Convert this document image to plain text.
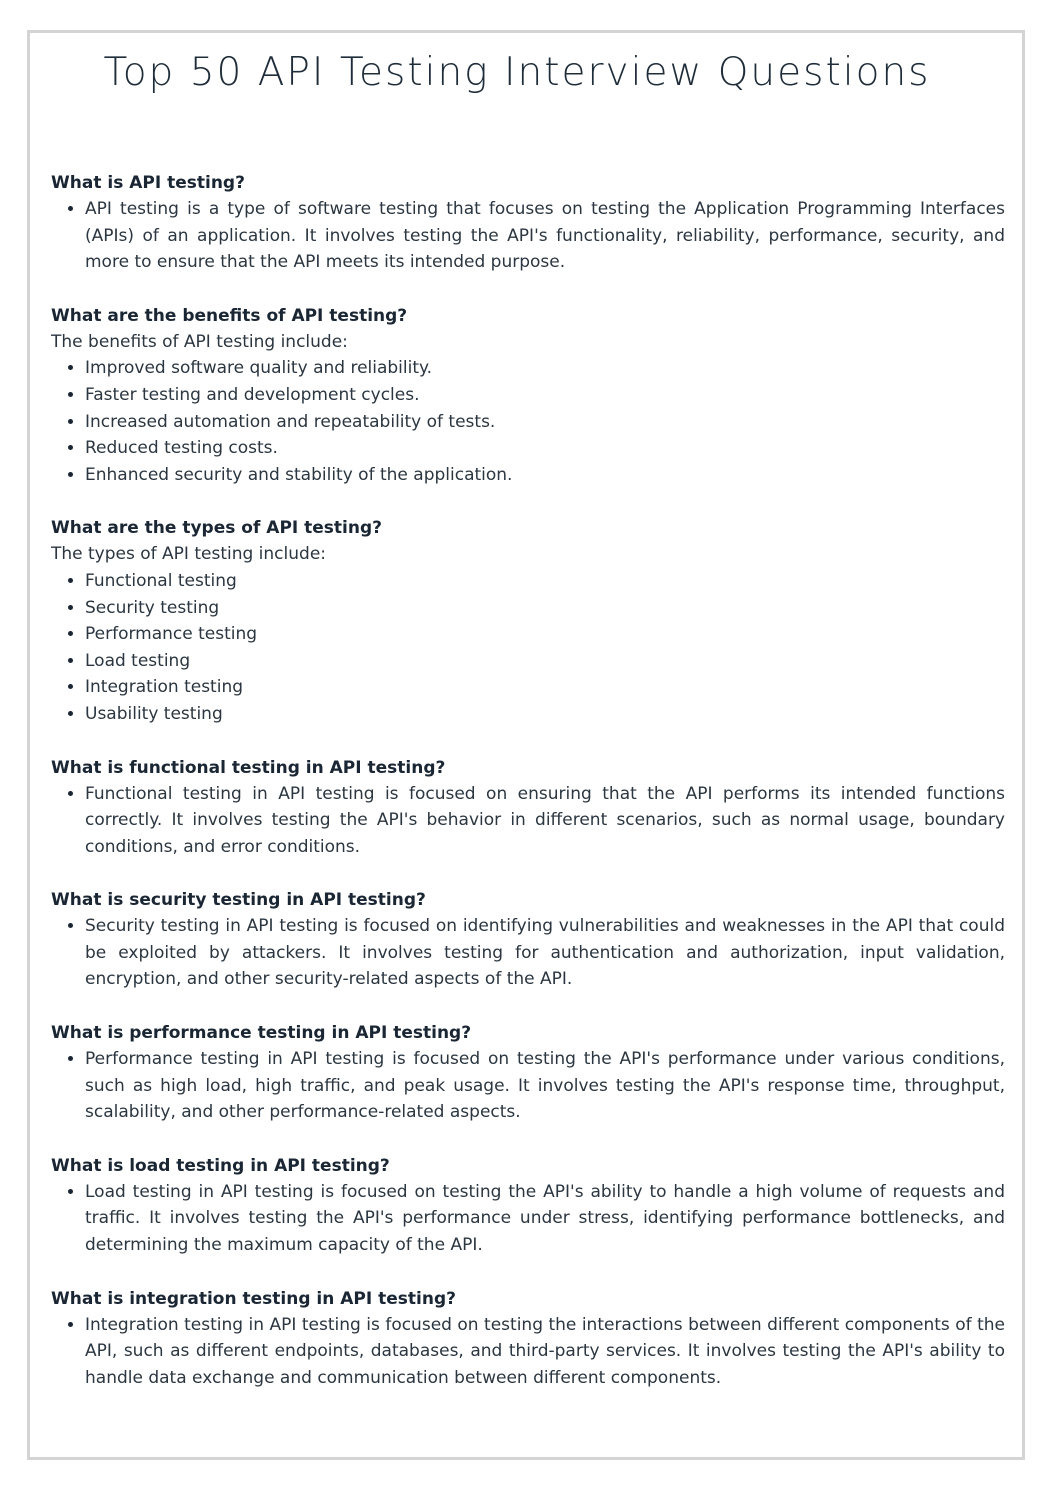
Top 50 API Testing Interview Questions

What is API testing?

• API testing is a type of software testing that focuses on testing the Application Programming Interfaces (APIs) of an application. It involves testing the API's functionality, reliability, performance, security, and more to ensure that the API meets its intended purpose.

What are the benefits of API testing?

The benefits of API testing include:

• Improved software quality and reliability.
• Faster testing and development cycles.
• Increased automation and repeatability of tests.
• Reduced testing costs.
• Enhanced security and stability of the application.

What are the types of API testing?

The types of API testing include:

• Functional testing
• Security testing
• Performance testing
• Load testing
• Integration testing
• Usability testing

What is functional testing in API testing?

• Functional testing in API testing is focused on ensuring that the API performs its intended functions correctly. It involves testing the API's behavior in different scenarios, such as normal usage, boundary conditions, and error conditions.

What is security testing in API testing?

• Security testing in API testing is focused on identifying vulnerabilities and weaknesses in the API that could be exploited by attackers. It involves testing for authentication and authorization, input validation, encryption, and other security-related aspects of the API.

What is performance testing in API testing?

• Performance testing in API testing is focused on testing the API's performance under various conditions, such as high load, high traffic, and peak usage. It involves testing the API's response time, throughput, scalability, and other performance-related aspects.

What is load testing in API testing?

• Load testing in API testing is focused on testing the API's ability to handle a high volume of requests and traffic. It involves testing the API's performance under stress, identifying performance bottlenecks, and determining the maximum capacity of the API.

What is integration testing in API testing?

• Integration testing in API testing is focused on testing the interactions between different components of the API, such as different endpoints, databases, and third-party services. It involves testing the API's ability to handle data exchange and communication between different components.
